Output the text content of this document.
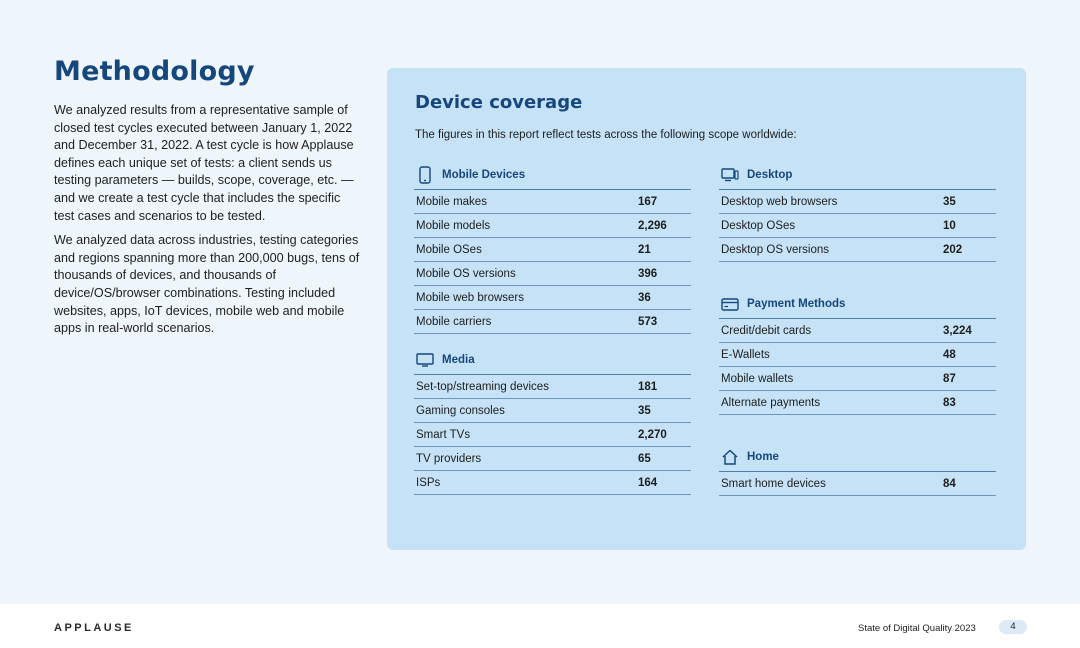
Methodology

We analyzed results from a representative sample of closed test cycles executed between January 1, 2022 and December 31, 2022. A test cycle is how Applause defines each unique set of tests: a client sends us testing parameters — builds, scope, coverage, etc. — and we create a test cycle that includes the specific test cases and scenarios to be tested.

We analyzed data across industries, testing categories and regions spanning more than 200,000 bugs, tens of thousands of devices, and thousands of device/OS/browser combinations. Testing included websites, apps, IoT devices, mobile web and mobile apps in real-world scenarios.

Device coverage
The figures in this report reflect tests across the following scope worldwide:
Mobile Devices
Mobile makes	167
Mobile models	2,296
Mobile OSes	21
Mobile OS versions	396
Mobile web browsers	36
Mobile carriers	573
Media
Set-top/streaming devices	181
Gaming consoles	35
Smart TVs	2,270
TV providers	65
ISPs	164
Desktop
Desktop web browsers	35
Desktop OSes	10
Desktop OS versions	202
Payment Methods
Credit/debit cards	3,224
E-Wallets	48
Mobile wallets	87
Alternate payments	83
Home
Smart home devices	84
APPLAUSE	State of Digital Quality 2023	4
